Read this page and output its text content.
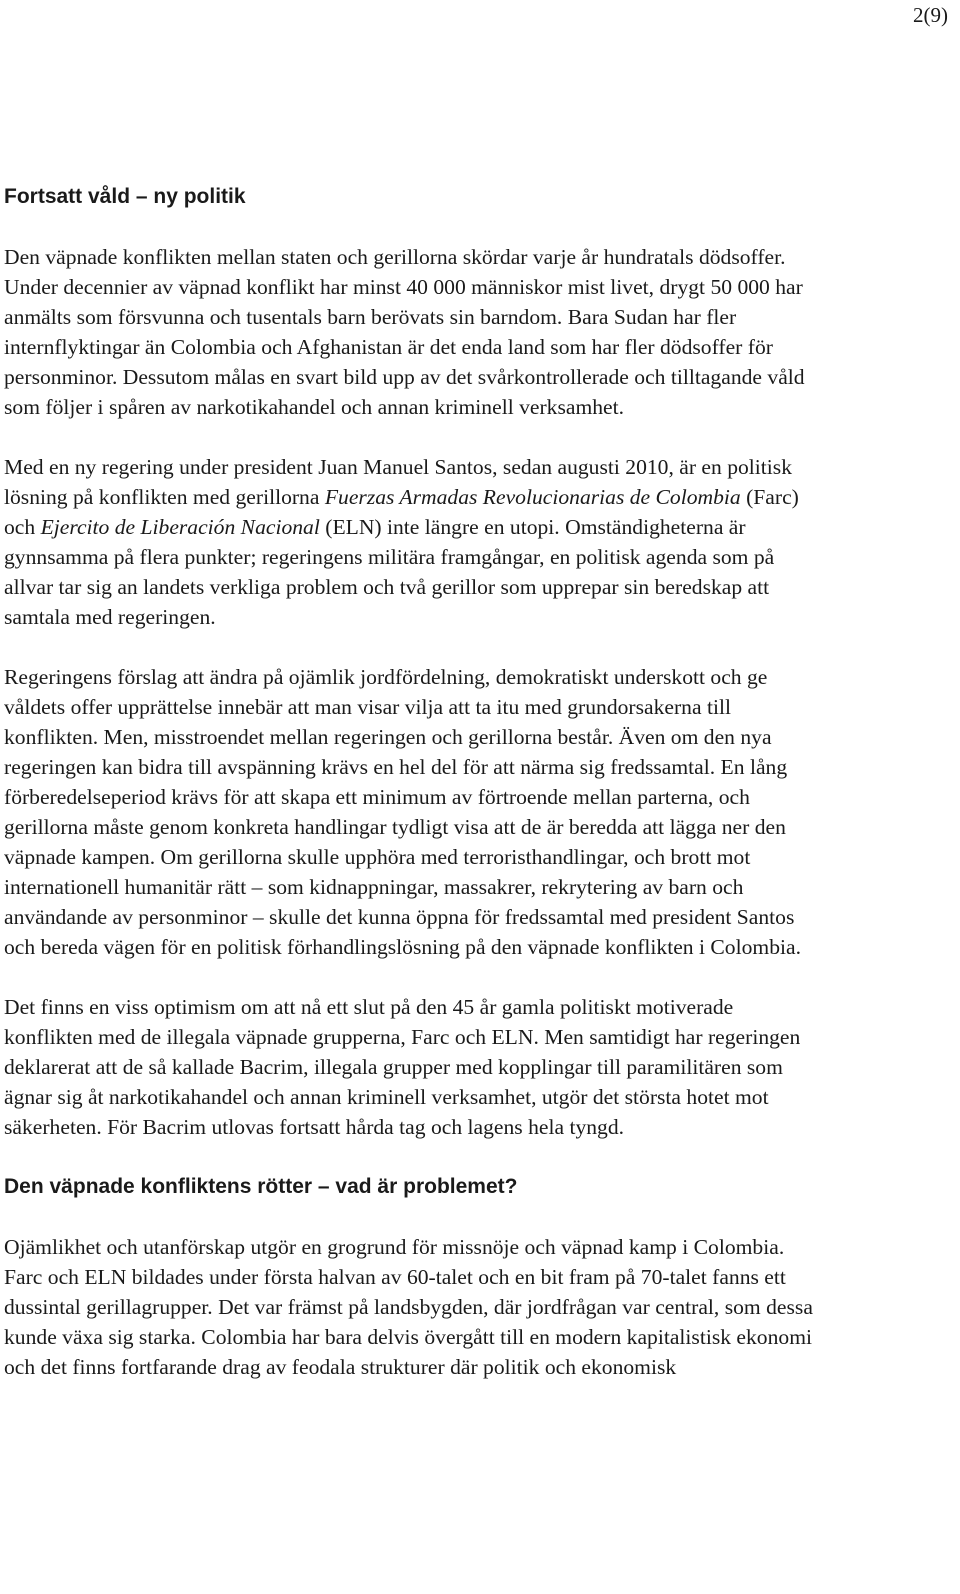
2(9)
Fortsatt våld – ny politik

Den väpnade konflikten mellan staten och gerillorna skördar varje år hundratals dödsoffer. Under decennier av väpnad konflikt har minst 40 000 människor mist livet, drygt 50 000 har anmälts som försvunna och tusentals barn berövats sin barndom. Bara Sudan har fler internflyktingar än Colombia och Afghanistan är det enda land som har fler dödsoffer för personminor. Dessutom målas en svart bild upp av det svårkontrollerade och tilltagande våld som följer i spåren av narkotikahandel och annan kriminell verksamhet.

Med en ny regering under president Juan Manuel Santos, sedan augusti 2010, är en politisk lösning på konflikten med gerillorna Fuerzas Armadas Revolucionarias de Colombia (Farc) och Ejercito de Liberación Nacional (ELN) inte längre en utopi. Omständigheterna är gynnsamma på flera punkter; regeringens militära framgångar, en politisk agenda som på allvar tar sig an landets verkliga problem och två gerillor som upprepar sin beredskap att samtala med regeringen.

Regeringens förslag att ändra på ojämlik jordfördelning, demokratiskt underskott och ge våldets offer upprättelse innebär att man visar vilja att ta itu med grundorsakerna till konflikten. Men, misstroendet mellan regeringen och gerillorna består. Även om den nya regeringen kan bidra till avspänning krävs en hel del för att närma sig fredssamtal. En lång förberedelseperiod krävs för att skapa ett minimum av förtroende mellan parterna, och gerillorna måste genom konkreta handlingar tydligt visa att de är beredda att lägga ner den väpnade kampen. Om gerillorna skulle upphöra med terroristhandlingar, och brott mot internationell humanitär rätt – som kidnappningar, massakrer, rekrytering av barn och användande av personminor – skulle det kunna öppna för fredssamtal med president Santos och bereda vägen för en politisk förhandlingslösning på den väpnade konflikten i Colombia.

Det finns en viss optimism om att nå ett slut på den 45 år gamla politiskt motiverade konflikten med de illegala väpnade grupperna, Farc och ELN. Men samtidigt har regeringen deklarerat att de så kallade Bacrim, illegala grupper med kopplingar till paramilitären som ägnar sig åt narkotikahandel och annan kriminell verksamhet, utgör det största hotet mot säkerheten. För Bacrim utlovas fortsatt hårda tag och lagens hela tyngd.

Den väpnade konfliktens rötter – vad är problemet?

Ojämlikhet och utanförskap utgör en grogrund för missnöje och väpnad kamp i Colombia. Farc och ELN bildades under första halvan av 60-talet och en bit fram på 70-talet fanns ett dussintal gerillagrupper. Det var främst på landsbygden, där jordfrågan var central, som dessa kunde växa sig starka. Colombia har bara delvis övergått till en modern kapitalistisk ekonomi och det finns fortfarande drag av feodala strukturer där politik och ekonomisk
